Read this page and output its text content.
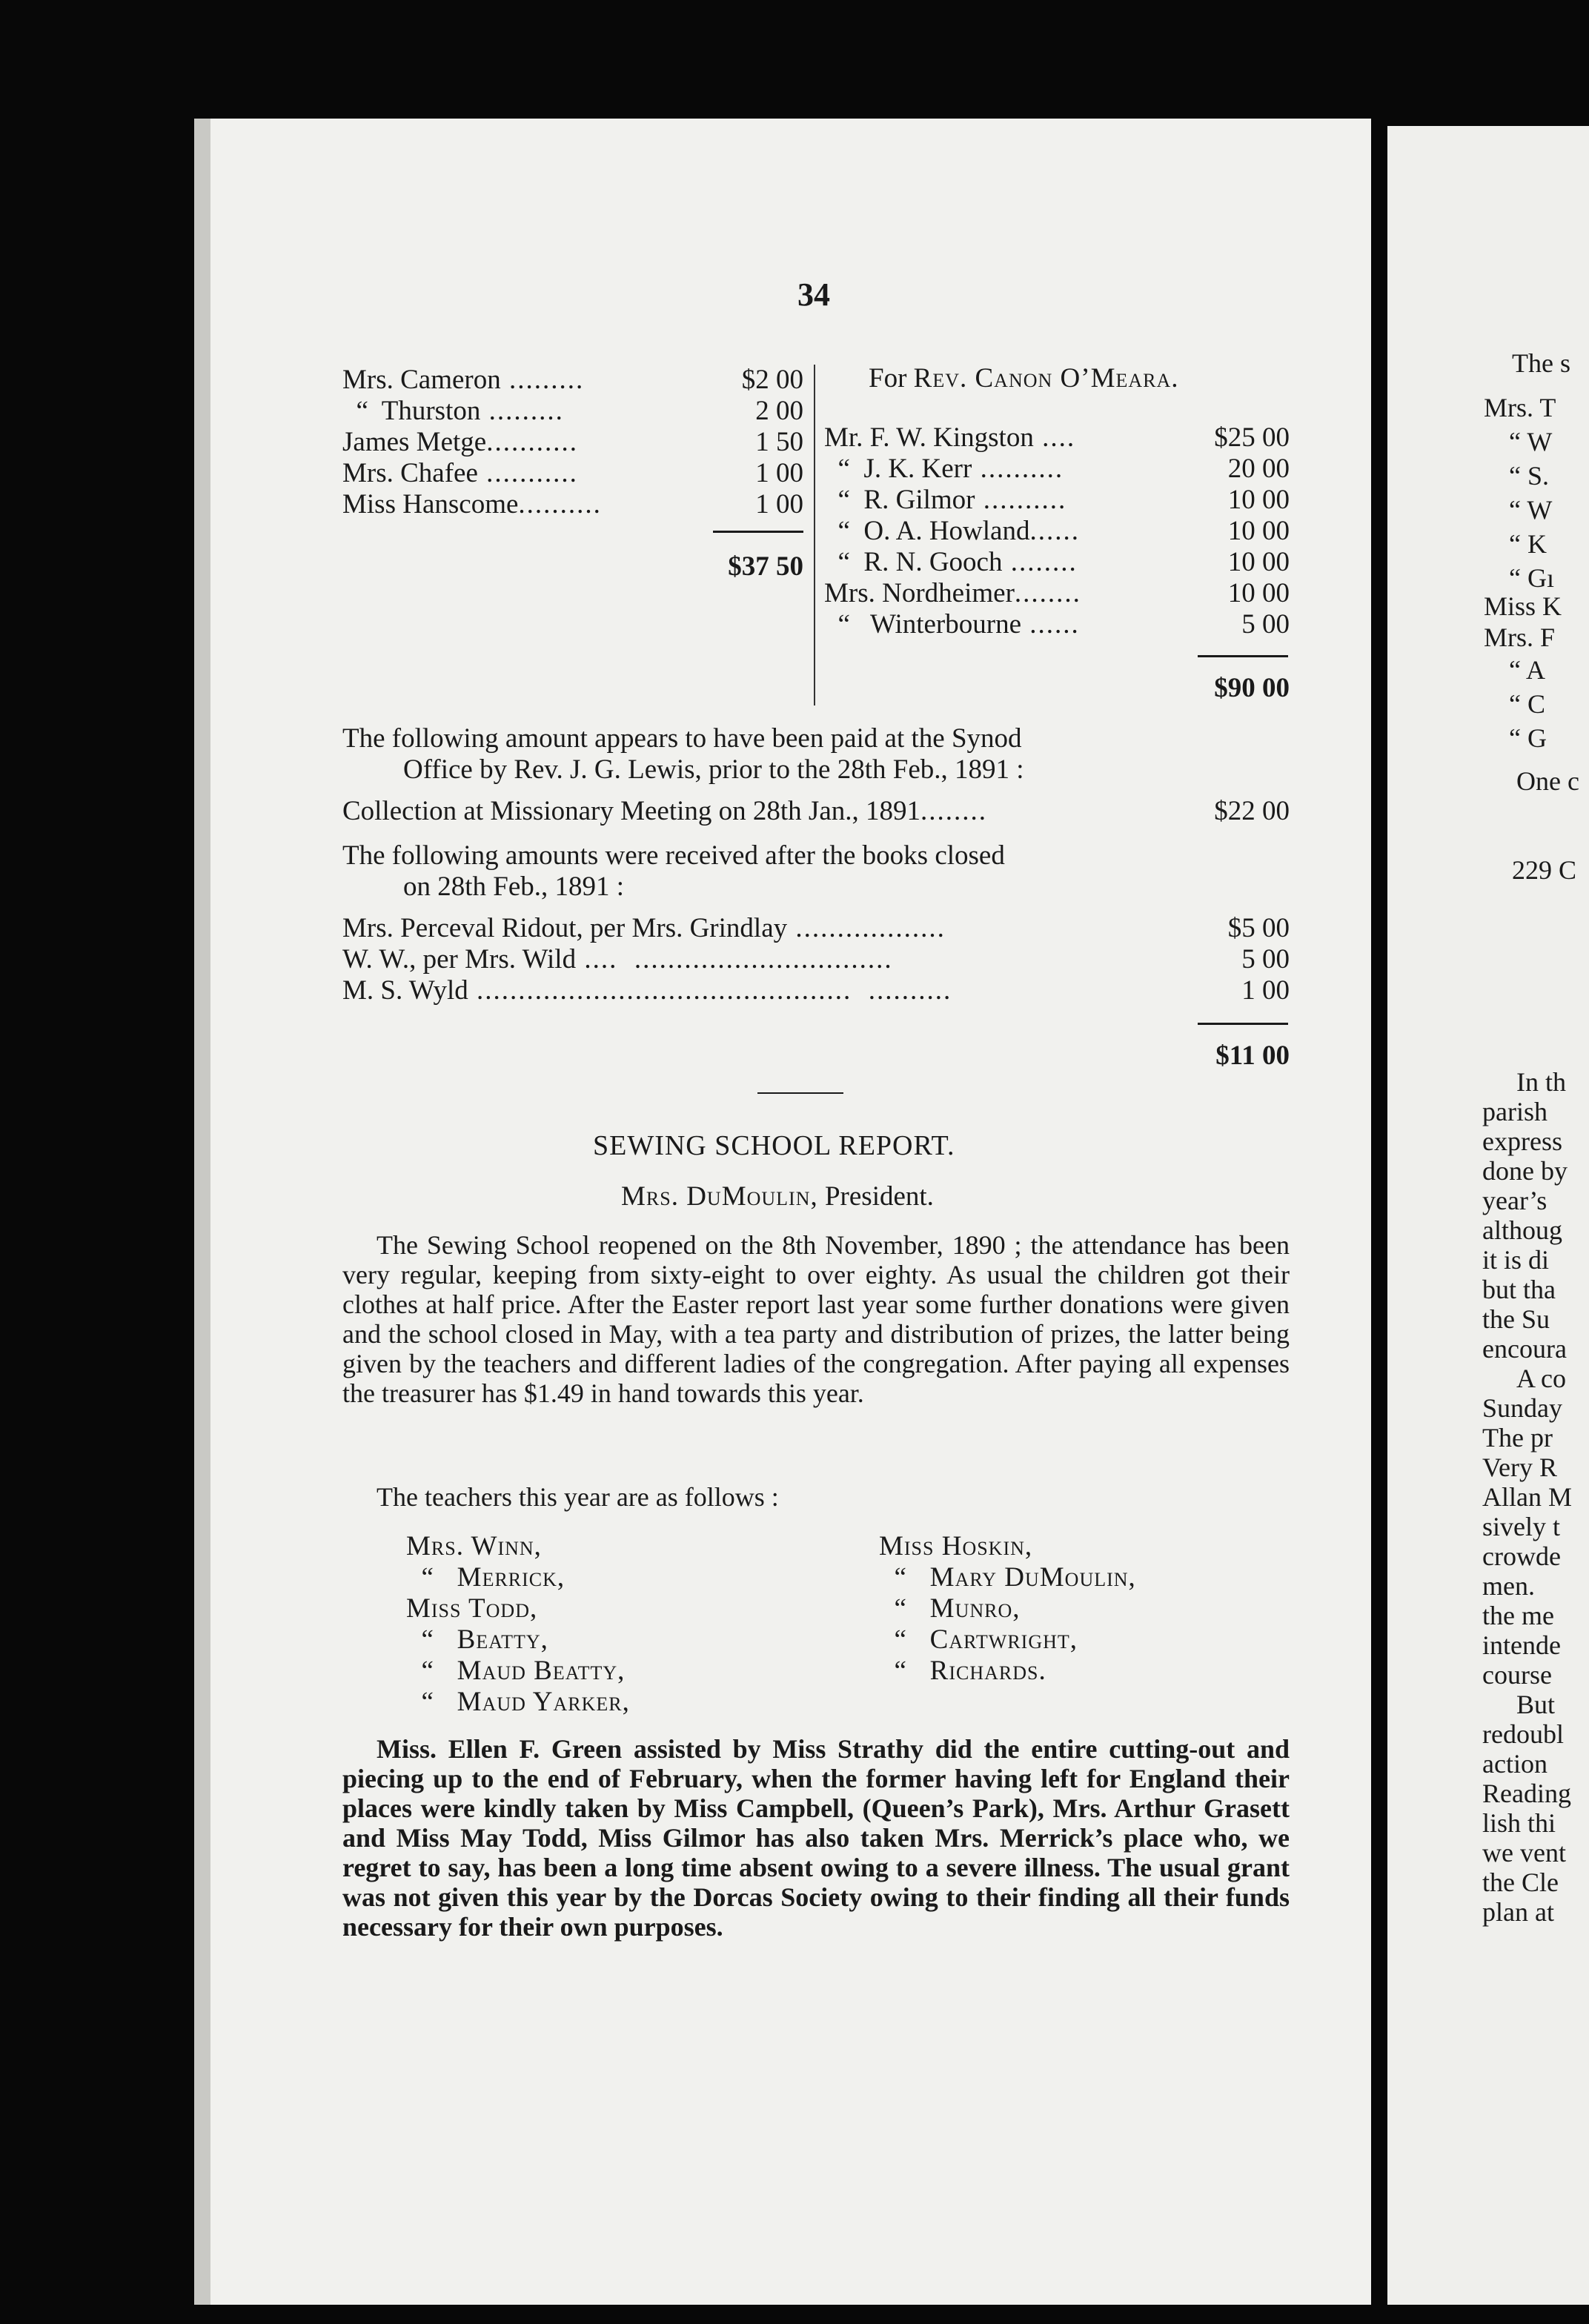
34
Mrs. Cameron .........	$2 00
“  Thurston .........	2 00
James Metge...........	1 50
Mrs. Chafee ...........	1 00
Miss Hanscome..........	1 00
$37 50
For Rev. Canon O’Meara.
Mr. F. W. Kingston ....	$25 00
“  J. K. Kerr ..........	20 00
“  R. Gilmor ..........	10 00
“  O. A. Howland......	10 00
“  R. N. Gooch ........	10 00
Mrs. Nordheimer........	10 00
“   Winterbourne ......	5 00
$90 00
The following amount appears to have been paid at the Synod
Office by Rev. J. G. Lewis, prior to the 28th Feb., 1891 :
Collection at Missionary Meeting on 28th Jan., 1891........	$22 00
The following amounts were received after the books closed
on 28th Feb., 1891 :
Mrs. Perceval Ridout, per Mrs. Grindlay ..................	$5 00
W. W., per Mrs. Wild ....  ...............................	5 00
M. S. Wyld .............................................  ..........	1 00
$11 00
SEWING SCHOOL REPORT.
Mrs. DuMoulin, President.

The Sewing School reopened on the 8th November, 1890 ; the attendance has been very regular, keeping from sixty-eight to over eighty. As usual the children got their clothes at half price. After the Easter report last year some further donations were given and the school closed in May, with a tea party and distribution of prizes, the latter being given by the teachers and different ladies of the congregation. After paying all expenses the treasurer has $1.49 in hand towards this year.

The teachers this year are as follows :

Mrs. Winn,
“   Merrick,
Miss Todd,
“   Beatty,
“   Maud Beatty,
“   Maud Yarker,
Miss Hoskin,
“   Mary DuMoulin,
“   Munro,
“   Cartwright,
“   Richards.

Miss. Ellen F. Green assisted by Miss Strathy did the entire cutting-out and piecing up to the end of February, when the former having left for England their places were kindly taken by Miss Campbell, (Queen’s Park), Mrs. Arthur Grasett and Miss May Todd, Miss Gilmor has also taken Mrs. Merrick’s place who, we regret to say, has been a long time absent owing to a severe illness. The usual grant was not given this year by the Dorcas Society owing to their finding all their funds necessary for their own purposes.

The s
Mrs. T
“ W
“ S.
“ W
“ K
“ Gı
Miss K
Mrs. F
“ A
“ C
“ G
One c
229 C
In th
parish
express
done by
year’s
althoug
it is di
but tha
the Su
encoura
A co
Sunday
The pr
Very R
Allan M
sively t
crowde
men.
the me
intende
course
But
redoubl
action
Reading
lish thi
we vent
the Cle
plan at
